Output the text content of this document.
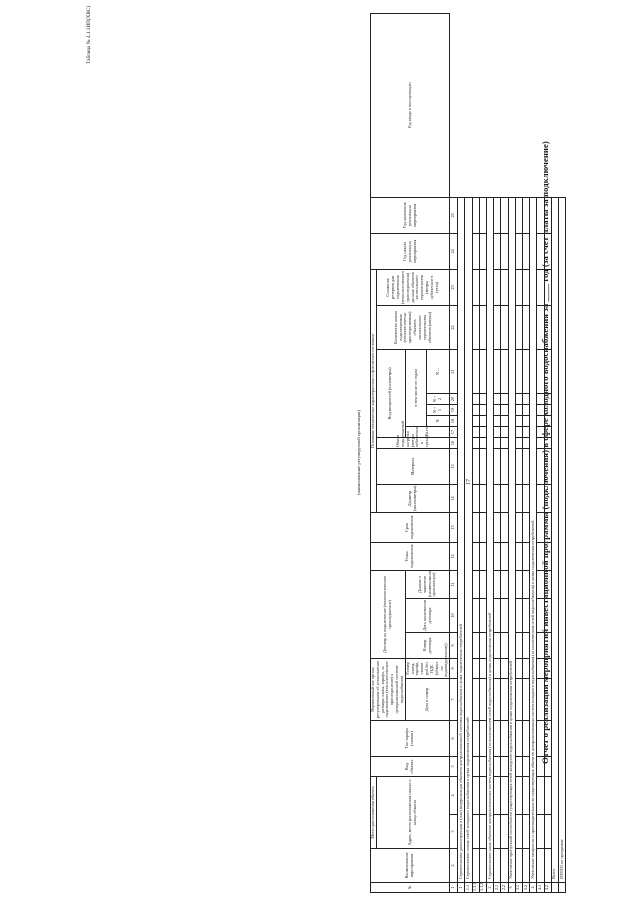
Таблица № 4.1.1ИП(ХВС)
17	Отчет о реализации мероприятий инвестиционной программы (подключения) в сфере холодного водоснабжения за ____ год (за счет платы за подключение)
(наименование регулируемой организации)
№	Наименование мероприятия	Место расположения объекта		Вид объекта	Тип тарифа (ставки)	Нормативный акт органа регулирования об установлении размера платы, тарифа, за подключение (технологическое присоединение) к централизованной системе водоснабжения		Договор на подключение (технологическое присоединение)			Точка подключения	Срок подключения	Основные технические характеристики и физическое состояние										Год начала реализации мероприятия	Год окончания реализации мероприятия	Год ввода в эксплуатацию
		Адрес, место расположения начала и конца объекта											Диаметр (миллиметры)	Материал	Объем подключаемой нагрузки (метры кубические в сутки)	Вид мощностей (километры)					Количество новых подключаемых (технологически присоединяемых) объектов капитального строительства объектов (штуки)	Снижение резервов для подключения (технологического присоединения) данных объектов капитального строительства (метры кубические в сутки)			
						Дата и номер	Размер платы, тарифа, ставки руб.без НДС (объект по индивидуальному)	Номер договора	Дата заключения договора	Данные о заявителе (наименование организации)						Всего	в том числе по годам								
																	N	N + 1	N + 2	N ...					
1	2	3	4	5	6	7	8	9	10	11	12	13	14	15	16	17	18	19	20	21	22	23	24	25	
1	Строительство, реконструкция и (или) модернизация объектов централизованной системы водоснабжения в целях подключения потребителей																								
1.1	Строительство новых сетей холодного водоснабжения в целях подключения потребителей																								
1.1.1																									
1.1.2																									
2	Строительство иных объектов централизованных систем водоснабжения (за исключением сетей водоснабжения) в целях подключения потребителей																								
2.1																									
2.2																									
3	Увеличение пропускной способности существующих сетей холодного водоснабжения в целях подключения потребителей																								
3.1																									
3.2																									
4	Увеличение мощности и производительности существующих объектов централизованных систем холодного водоснабжения (за исключением сетей водоснабжения) в целях подключения потребителей																								
4.1																									
4.2																									
	Всего																								
	ИТОГО по программе																								
